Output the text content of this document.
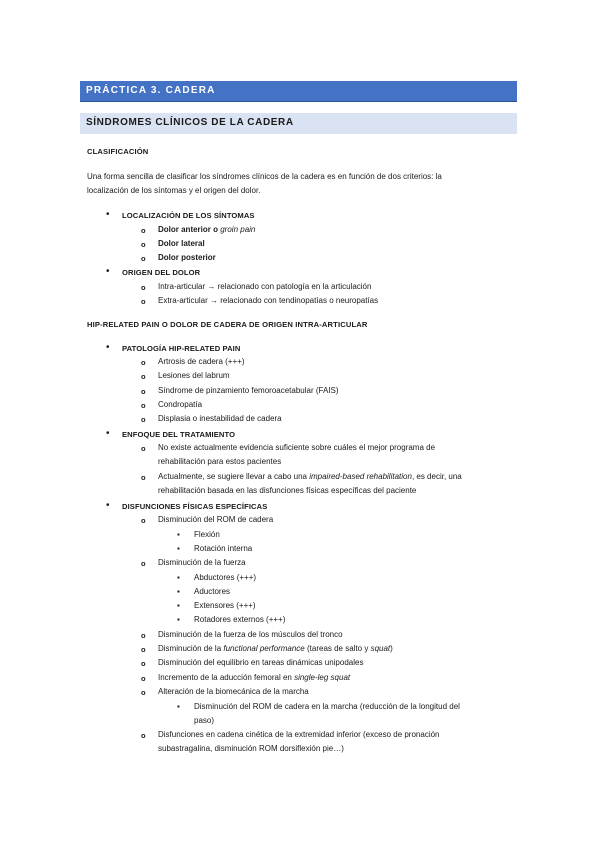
PRÁCTICA 3. CADERA
SÍNDROMES CLÍNICOS DE LA CADERA
CLASIFICACIÓN
Una forma sencilla de clasificar los síndromes clínicos de la cadera es en función de dos criterios: la
localización de los síntomas y el origen del dolor.
•
LOCALIZACIÓN DE LOS SÍNTOMAS
o
Dolor anterior o groin pain
o
Dolor lateral
o
Dolor posterior
•
ORIGEN DEL DOLOR
o
Intra-articular → relacionado con patología en la articulación
o
Extra-articular → relacionado con tendinopatías o neuropatías
HIP-RELATED PAIN O DOLOR DE CADERA DE ORIGEN INTRA-ARTICULAR
•
PATOLOGÍA HIP-RELATED PAIN
o
Artrosis de cadera (+++)
o
Lesiones del labrum
o
Síndrome de pinzamiento femoroacetabular (FAIS)
o
Condropatía
o
Displasia o inestabilidad de cadera
•
ENFOQUE DEL TRATAMIENTO
o
No existe actualmente evidencia suficiente sobre cuáles el mejor programa de
rehabilitación para estos pacientes
o
Actualmente, se sugiere llevar a cabo una impaired-based rehabilitation, es decir, una
rehabilitación basada en las disfunciones físicas específicas del paciente
•
DISFUNCIONES FÍSICAS ESPECÍFICAS
o
Disminución del ROM de cadera
▪
Flexión
▪
Rotación interna
o
Disminución de la fuerza
▪
Abductores (+++)
▪
Aductores
▪
Extensores (+++)
▪
Rotadores externos (+++)
o
Disminución de la fuerza de los músculos del tronco
o
Disminución de la functional performance (tareas de salto y squat)
o
Disminución del equilibrio en tareas dinámicas unipodales
o
Incremento de la aducción femoral en single-leg squat
o
Alteración de la biomecánica de la marcha
▪
Disminución del ROM de cadera en la marcha (reducción de la longitud del
paso)
o
Disfunciones en cadena cinética de la extremidad inferior (exceso de pronación
subastragalina, disminución ROM dorsiflexión pie…)
